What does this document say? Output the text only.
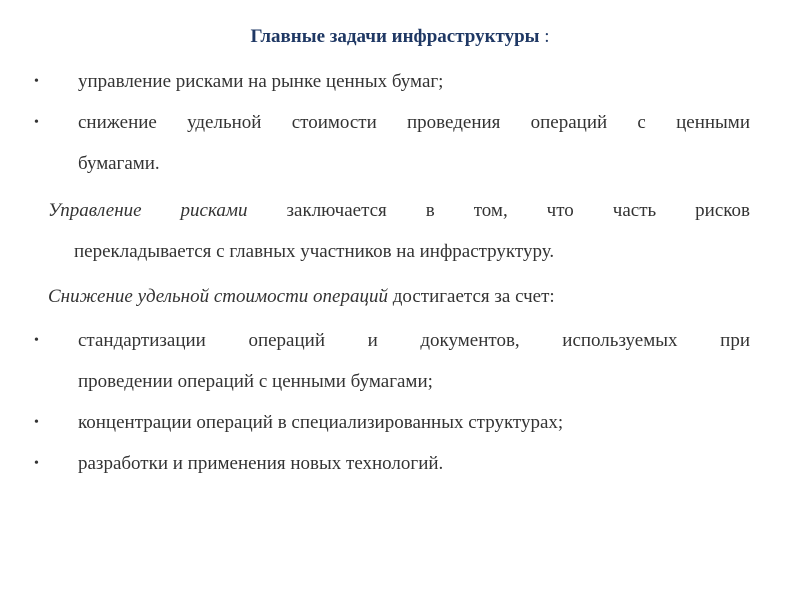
Главные задачи инфраструктуры :
• управление рисками на рынке ценных бумаг;
• снижение удельной стоимости проведения операций с ценными
бумагами.
Управление рисками заключается в том, что часть рисков
перекладывается с главных участников на инфраструктуру.
Снижение удельной стоимости операций достигается за счет:
• стандартизации операций и документов, используемых при
проведении операций с ценными бумагами;
• концентрации операций в специализированных структурах;
• разработки и применения новых технологий.
